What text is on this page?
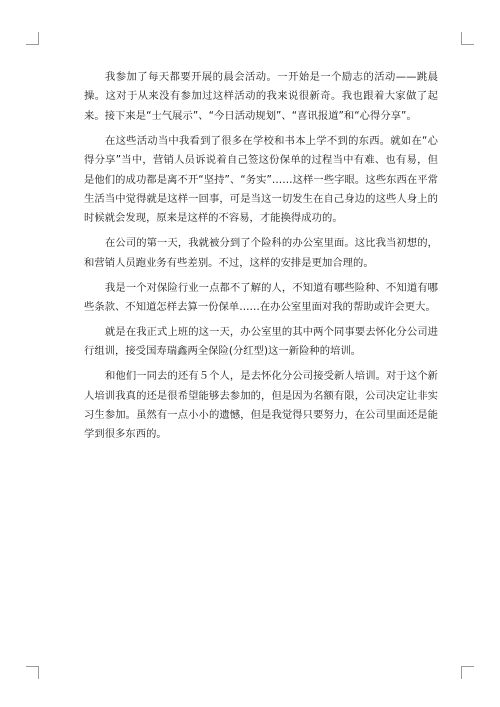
我参加了每天都要开展的晨会活动。一开始是一个励志的活动——跳晨操。这对于从来没有参加过这样活动的我来说很新奇。我也跟着大家做了起来。接下来是“士气展示”、“今日活动规划”、“喜讯报道”和“心得分享”。

在这些活动当中我看到了很多在学校和书本上学不到的东西。就如在“心得分享”当中，营销人员诉说着自己签这份保单的过程当中有难、也有易，但是他们的成功都是离不开“坚持”、“务实”……这样一些字眼。这些东西在平常生活当中觉得就是这样一回事，可是当这一切发生在自己身边的这些人身上的时候就会发现，原来是这样的不容易，才能换得成功的。

在公司的第一天，我就被分到了个险科的办公室里面。这比我当初想的，和营销人员跑业务有些差别。不过，这样的安排是更加合理的。

我是一个对保险行业一点都不了解的人，不知道有哪些险种、不知道有哪些条款、不知道怎样去算一份保单……在办公室里面对我的帮助或许会更大。

就是在我正式上班的这一天，办公室里的其中两个同事要去怀化分公司进行组训，接受国寿瑞鑫两全保险(分红型)这一新险种的培训。

和他们一同去的还有５个人，是去怀化分公司接受新人培训。对于这个新人培训我真的还是很希望能够去参加的，但是因为名额有限，公司决定让非实习生参加。虽然有一点小小的遗憾，但是我觉得只要努力，在公司里面还是能学到很多东西的。
